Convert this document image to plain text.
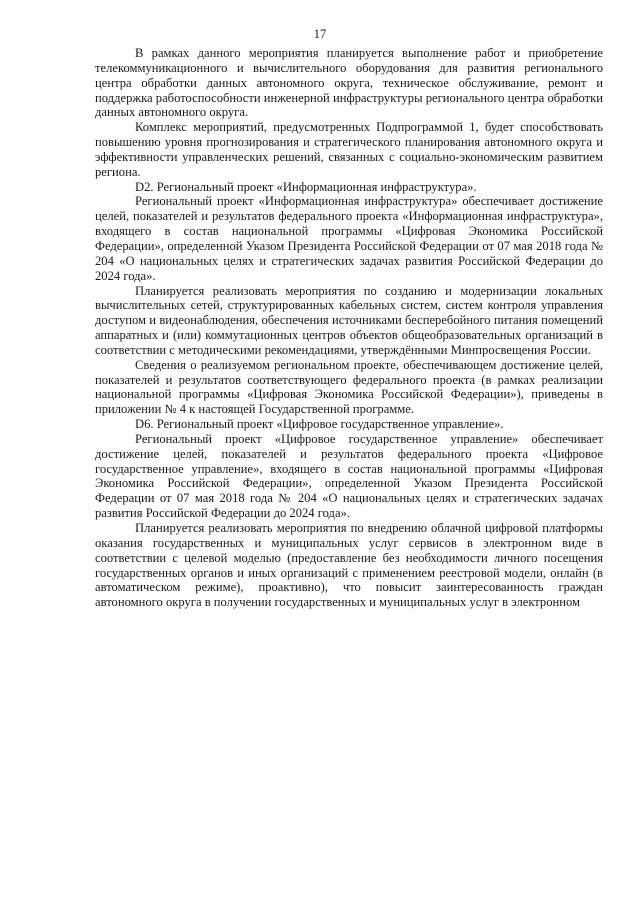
17

В рамках данного мероприятия планируется выполнение работ и приобретение телекоммуникационного и вычислительного оборудования для развития регионального центра обработки данных автономного округа, техническое обслуживание, ремонт и поддержка работоспособности инженерной инфраструктуры регионального центра обработки данных автономного округа.

Комплекс мероприятий, предусмотренных Подпрограммой 1, будет способствовать повышению уровня прогнозирования и стратегического планирования автономного округа и эффективности управленческих решений, связанных с социально-экономическим развитием региона.

D2. Региональный проект «Информационная инфраструктура».

Региональный проект «Информационная инфраструктура» обеспечивает достижение целей, показателей и результатов федерального проекта «Информационная инфраструктура», входящего в состав национальной программы «Цифровая Экономика Российской Федерации», определенной Указом Президента Российской Федерации от 07 мая 2018 года № 204 «О национальных целях и стратегических задачах развития Российской Федерации до 2024 года».

Планируется реализовать мероприятия по созданию и модернизации локальных вычислительных сетей, структурированных кабельных систем, систем контроля управления доступом и видеонаблюдения, обеспечения источниками бесперебойного питания помещений аппаратных и (или) коммутационных центров объектов общеобразовательных организаций в соответствии с методическими рекомендациями, утверждёнными Минпросвещения России.

Сведения о реализуемом региональном проекте, обеспечивающем достижение целей, показателей и результатов соответствующего федерального проекта (в рамках реализации национальной программы «Цифровая Экономика Российской Федерации»), приведены в приложении № 4 к настоящей Государственной программе.

D6. Региональный проект «Цифровое государственное управление».

Региональный проект «Цифровое государственное управление» обеспечивает достижение целей, показателей и результатов федерального проекта «Цифровое государственное управление», входящего в состав национальной программы «Цифровая Экономика Российской Федерации», определенной Указом Президента Российской Федерации от 07 мая 2018 года № 204 «О национальных целях и стратегических задачах развития Российской Федерации до 2024 года».

Планируется реализовать мероприятия по внедрению облачной цифровой платформы оказания государственных и муниципальных услуг сервисов в электронном виде в соответствии с целевой моделью (предоставление без необходимости личного посещения государственных органов и иных организаций с применением реестровой модели, онлайн (в автоматическом режиме), проактивно), что повысит заинтересованность граждан автономного округа в получении государственных и муниципальных услуг в электронном
